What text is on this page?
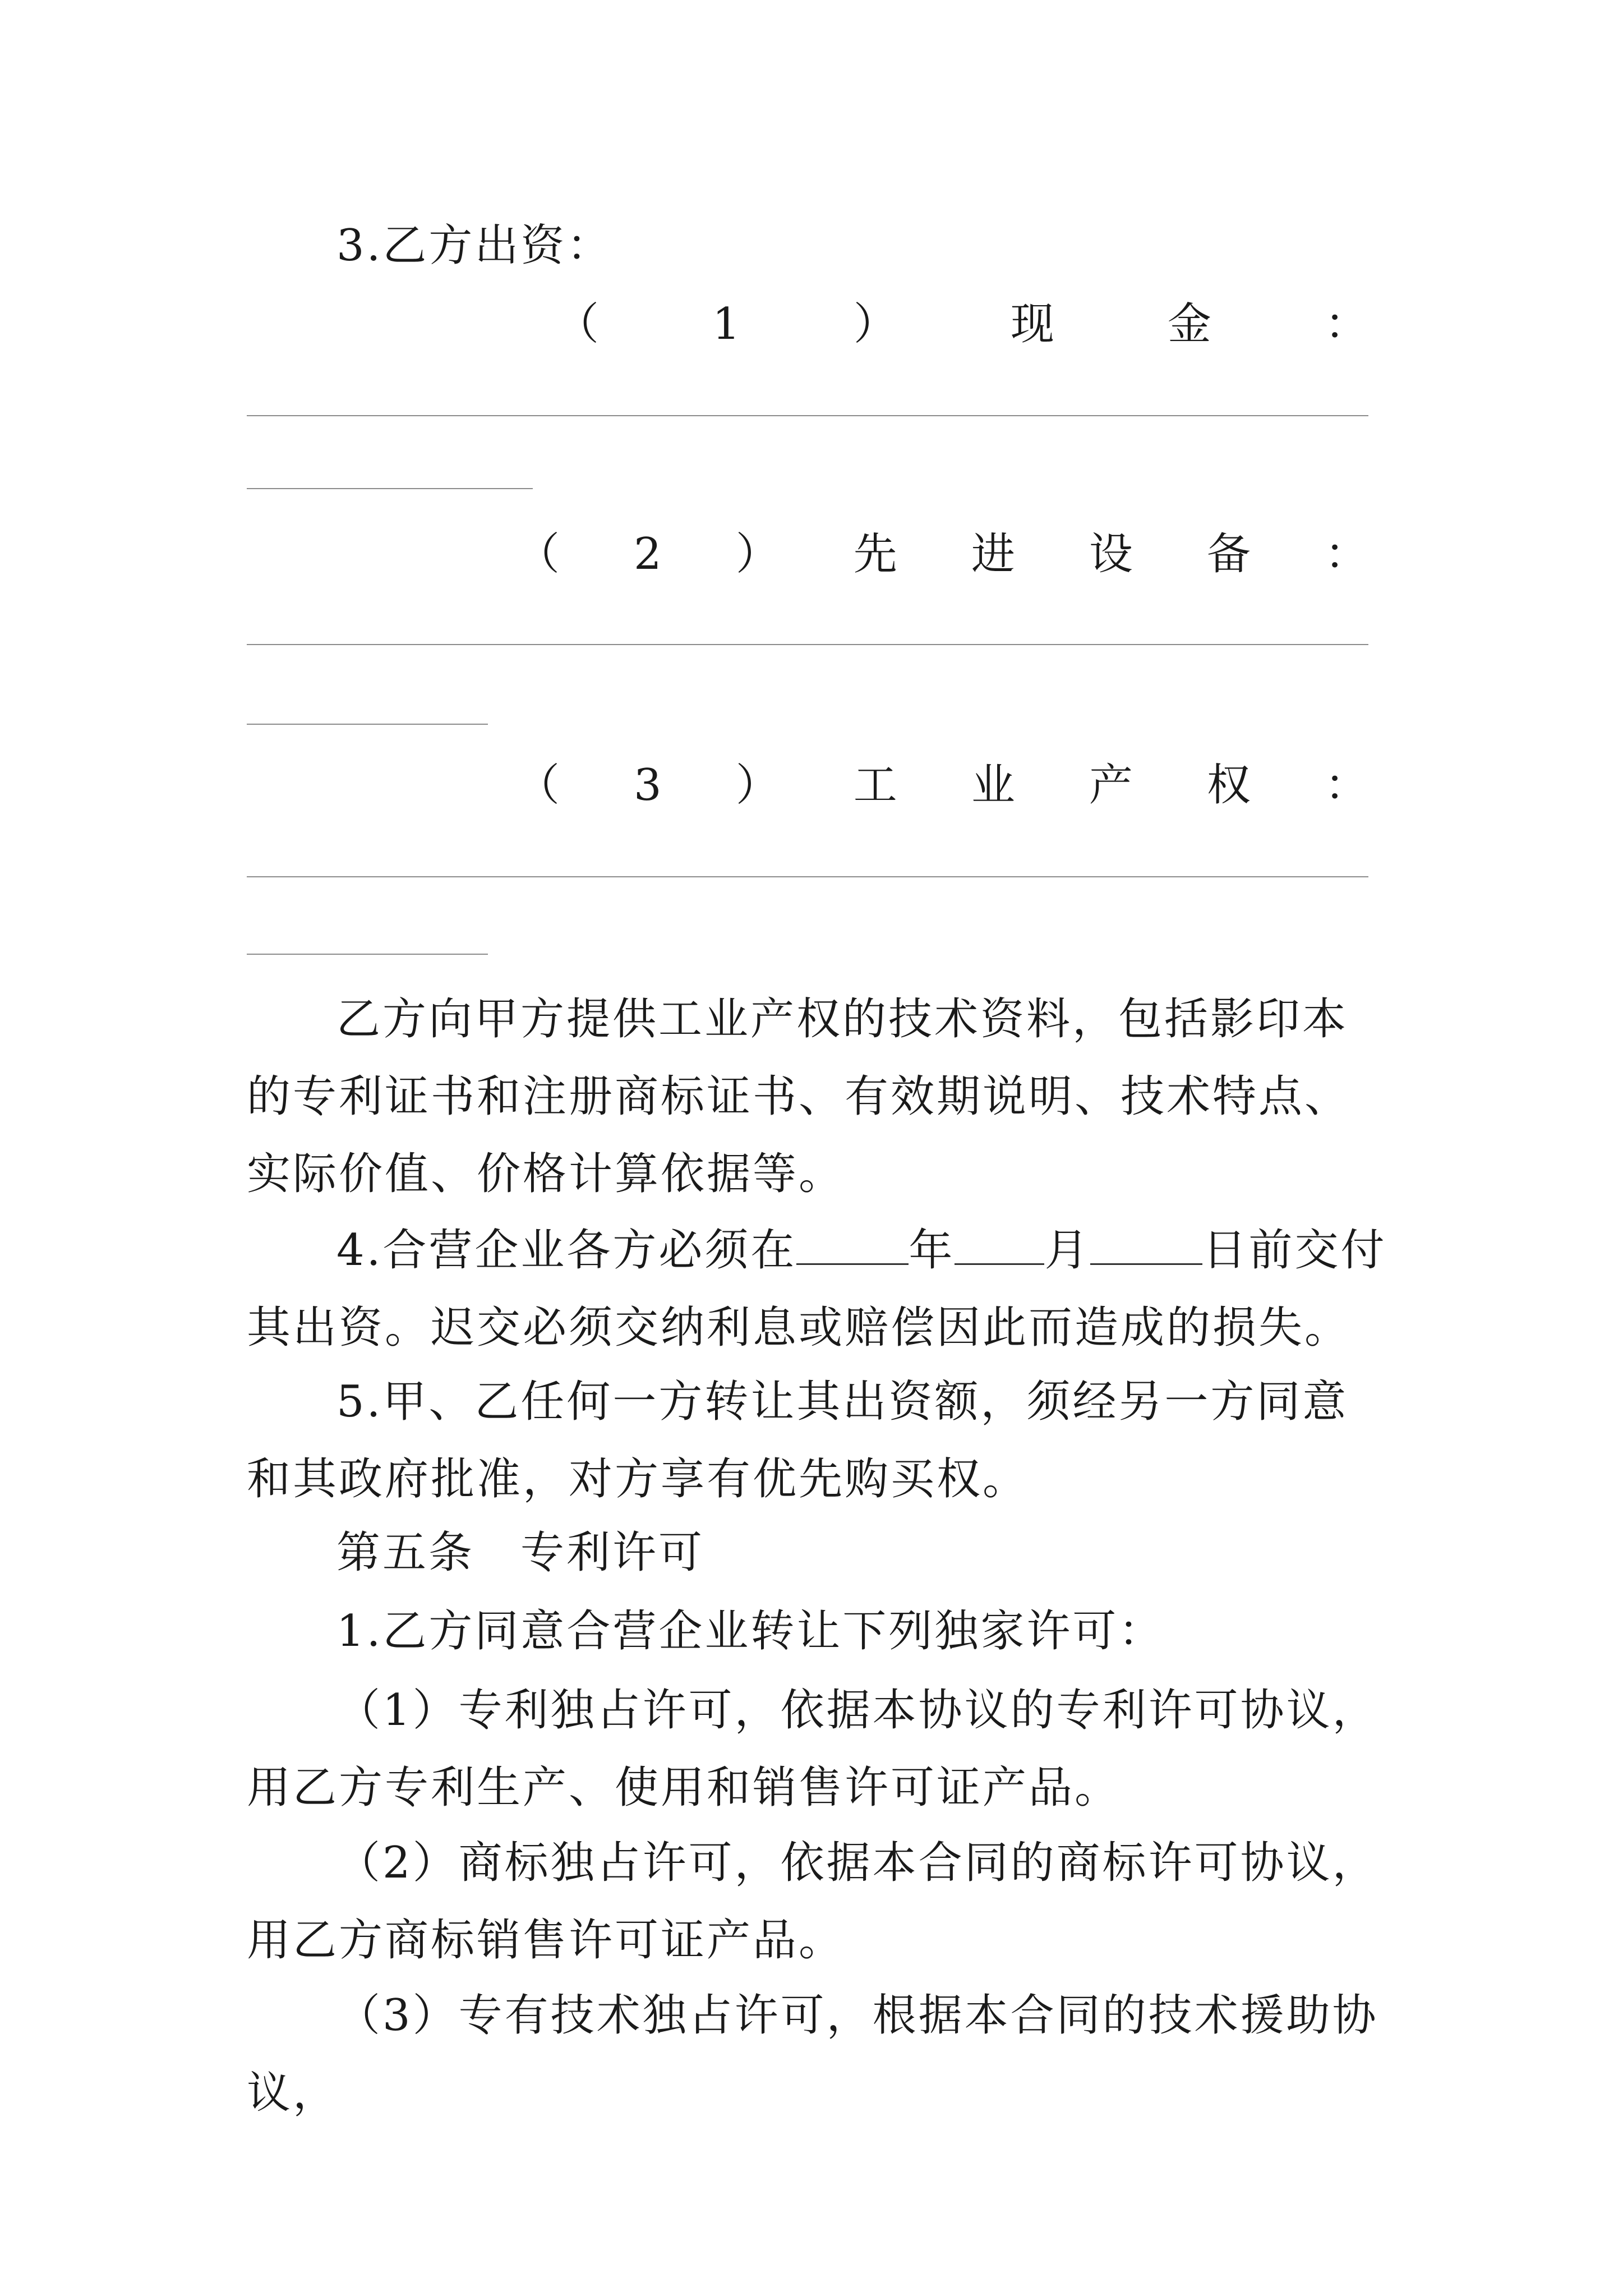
3.乙方出资：
（	1	）	现	金	：
（ 2 ） 先 进 设 备 ：
（ 3 ） 工 业 产 权 ：
乙方向甲方提供工业产权的技术资料，包括影印本的专利证书和注册商标证书、有效期说明、技术特点、实际价值、价格计算依据等。
4.合营企业各方必须在	年 月	日前交付其出资。迟交必须交纳利息或赔偿因此而造成的损失。
5.甲、乙任何一方转让其出资额，须经另一方同意和其政府批准，对方享有优先购买权。
第五条　专利许可
1.乙方同意合营企业转让下列独家许可：
（1）专利独占许可，依据本协议的专利许可协议，用乙方专利生产、使用和销售许可证产品。
（2）商标独占许可，依据本合同的商标许可协议，用乙方商标销售许可证产品。
（3）专有技术独占许可，根据本合同的技术援助协议，
